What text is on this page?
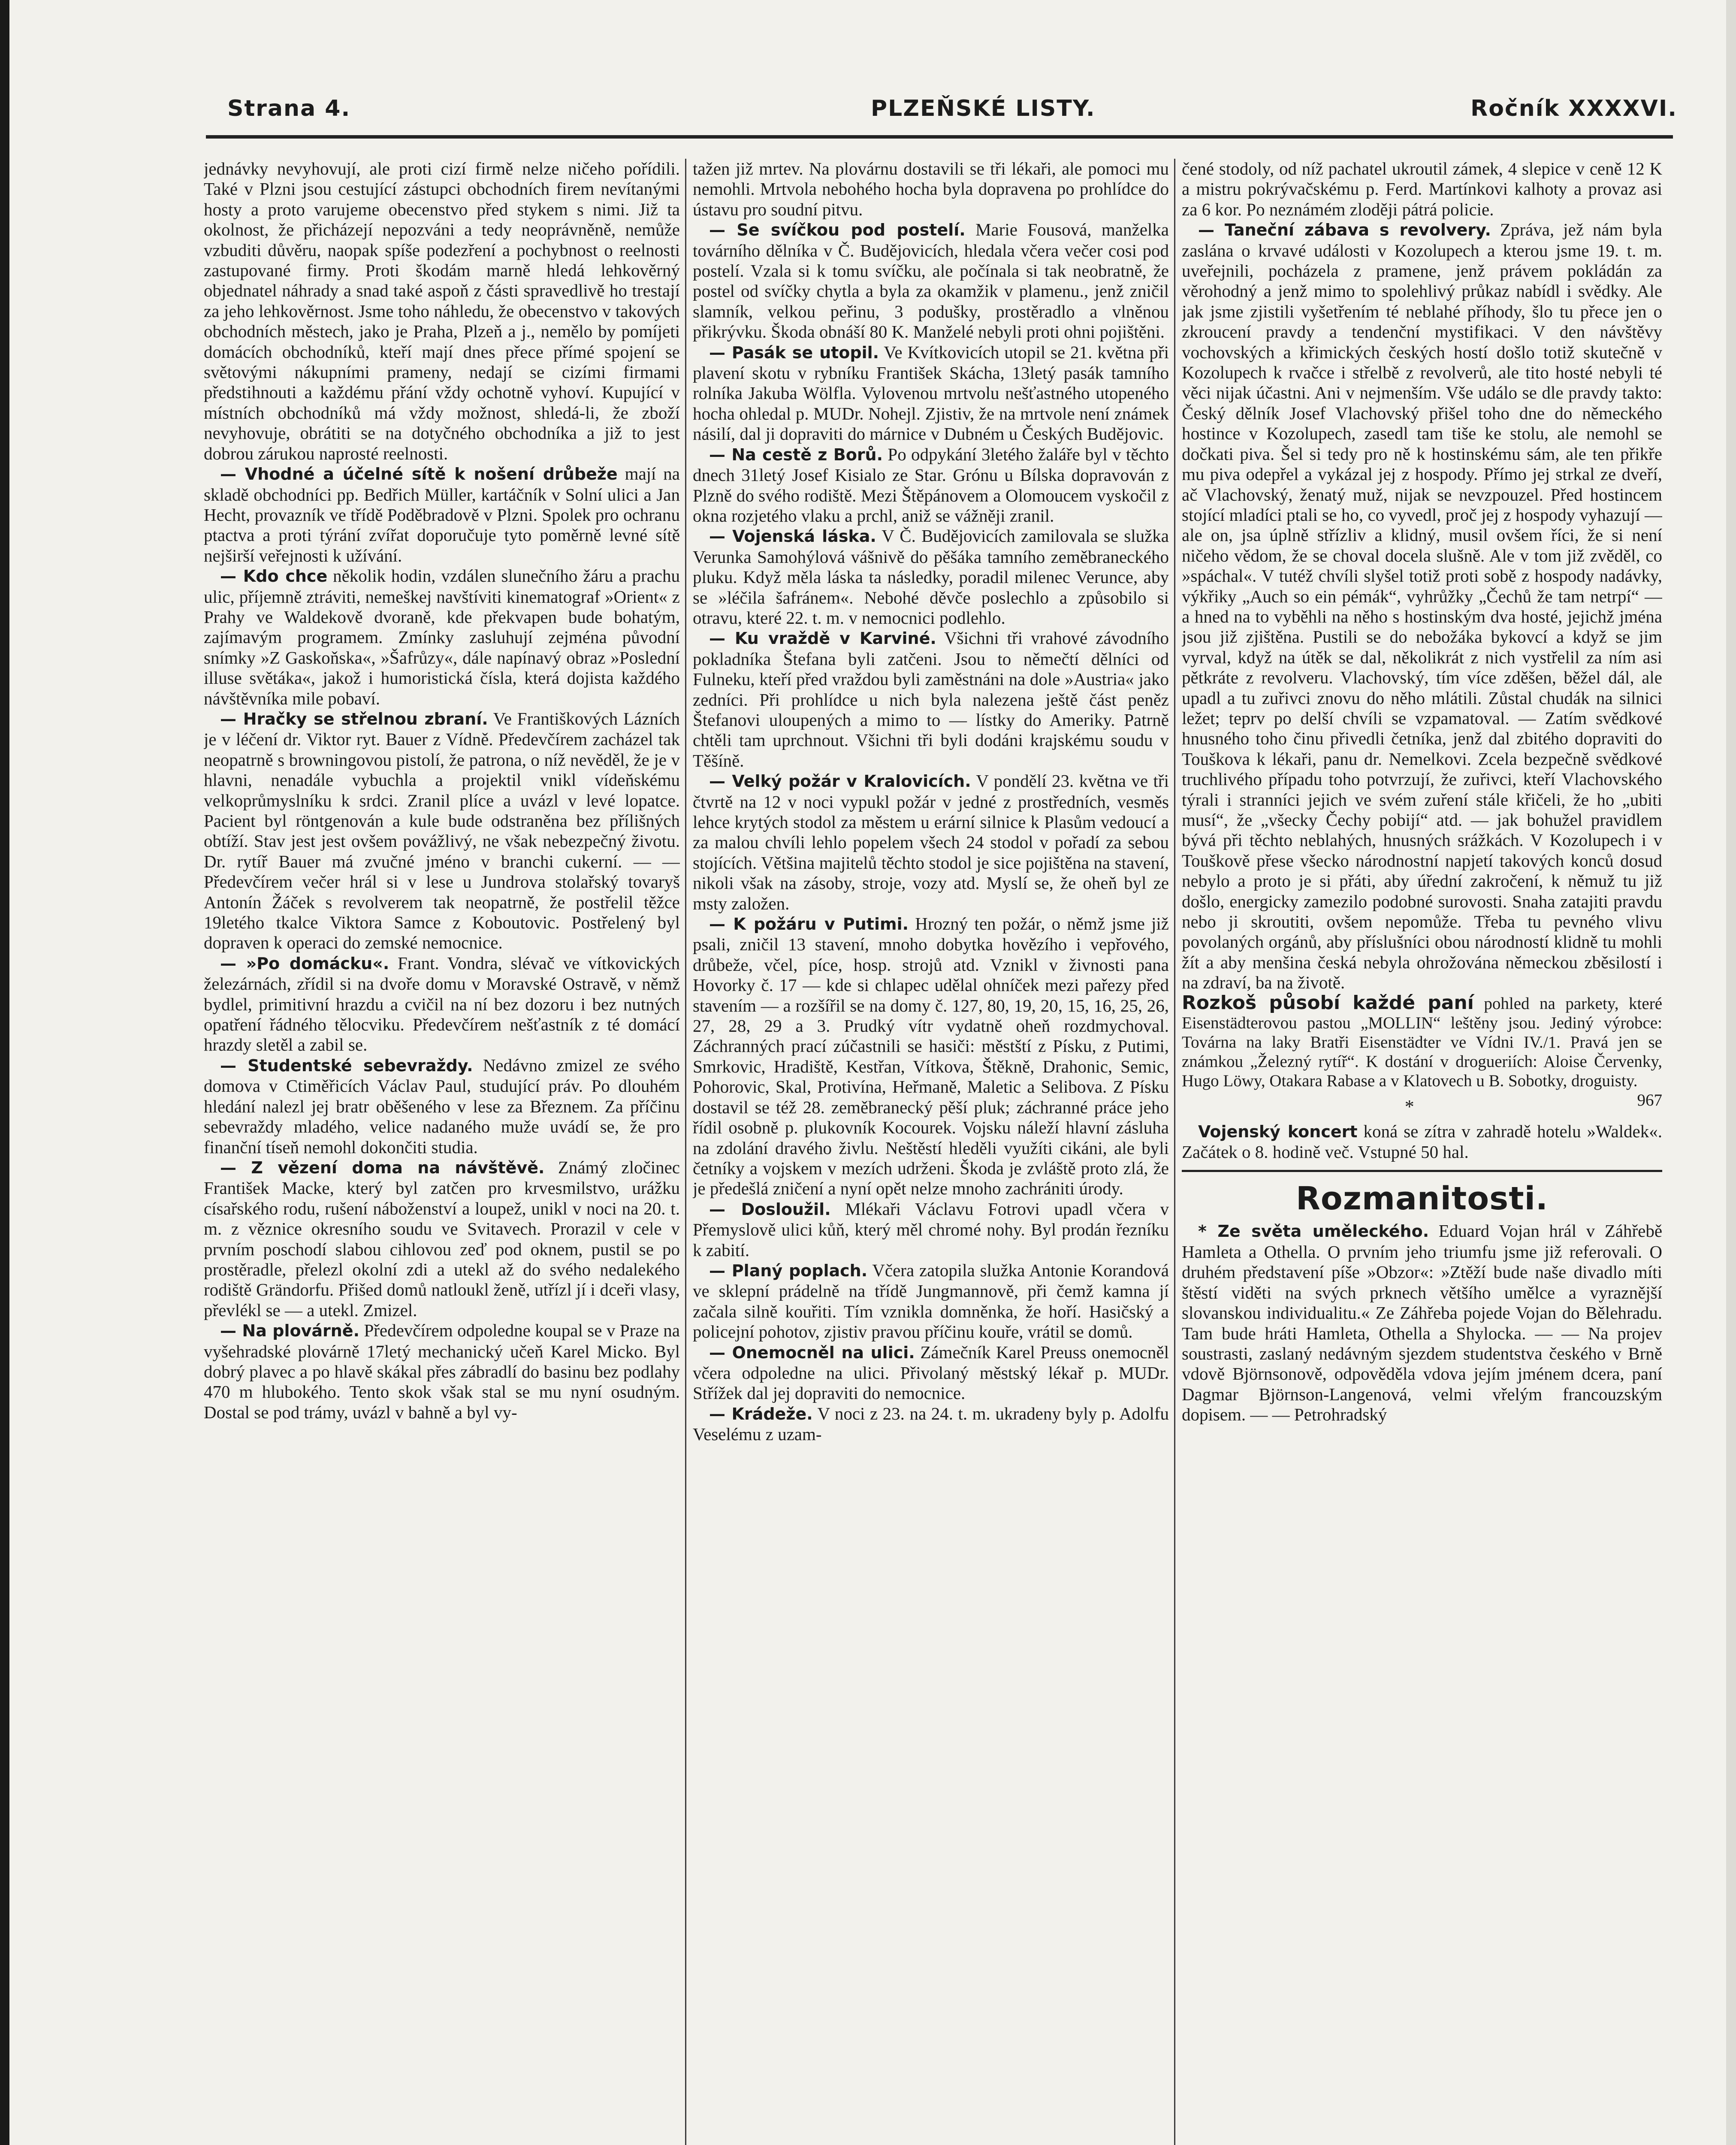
Strana 4.	PLZEŇSKÉ LISTY.	Ročník XXXXVI.

jednávky nevyhovují, ale proti cizí firmě nelze ničeho pořídili. Také v Plzni jsou cestující zástupci obchodních firem nevítanými hosty a proto varujeme obecenstvo před stykem s nimi. Již ta okolnost, že přicházejí nepozváni a tedy neoprávněně, nemůže vzbuditi důvěru, naopak spíše podezření a pochybnost o reelnosti zastupované firmy. Proti škodám marně hledá lehkověrný objednatel náhrady a snad také aspoň z části spravedlivě ho trestají za jeho lehkověrnost. Jsme toho náhledu, že obecenstvo v takových obchodních městech, jako je Praha, Plzeň a j., nemělo by pomíjeti domácích obchodníků, kteří mají dnes přece přímé spojení se světovými nákupními prameny, nedají se cizími firmami předstihnouti a každému přání vždy ochotně vyhoví. Kupující v místních obchodníků má vždy možnost, shledá-li, že zboží nevyhovuje, obrátiti se na dotyčného obchodníka a již to jest dobrou zárukou naprosté reelnosti.

— Vhodné a účelné sítě k nošení drůbeže mají na skladě obchodníci pp. Bedřich Müller, kartáčník v Solní ulici a Jan Hecht, provazník ve třídě Poděbradově v Plzni. Spolek pro ochranu ptactva a proti týrání zvířat doporučuje tyto poměrně levné sítě nejširší veřejnosti k užívání.

— Kdo chce několik hodin, vzdálen slunečního žáru a prachu ulic, příjemně ztráviti, nemeškej navštíviti kinematograf »Orient« z Prahy ve Waldekově dvoraně, kde překvapen bude bohatým, zajímavým programem. Zmínky zasluhují zejména původní snímky »Z Gaskoňska«, »Šafrůzy«, dále napínavý obraz »Poslední illuse světáka«, jakož i humoristická čísla, která dojista každého návštěvníka mile pobaví.

— Hračky se střelnou zbraní. Ve Františkových Lázních je v léčení dr. Viktor ryt. Bauer z Vídně. Předevčírem zacházel tak neopatrně s browningovou pistolí, že patrona, o níž nevěděl, že je v hlavni, nenadále vybuchla a projektil vnikl vídeňskému velkoprůmyslníku k srdci. Zranil plíce a uvázl v levé lopatce. Pacient byl röntgenován a kule bude odstraněna bez přílišných obtíží. Stav jest jest ovšem povážlivý, ne však nebezpečný životu. Dr. rytíř Bauer má zvučné jméno v branchi cukerní. — — Předevčírem večer hrál si v lese u Jundrova stolařský tovaryš Antonín Žáček s revolverem tak neopatrně, že postřelil těžce 19letého tkalce Viktora Samce z Koboutovic. Postřelený byl dopraven k operaci do zemské nemocnice.

— »Po domácku«. Frant. Vondra, slévač ve vítkovických železárnách, zřídil si na dvoře domu v Moravské Ostravě, v němž bydlel, primitivní hrazdu a cvičil na ní bez dozoru i bez nutných opatření řádného tělocviku. Předevčírem nešťastník z té domácí hrazdy sletěl a zabil se.

— Studentské sebevraždy. Nedávno zmizel ze svého domova v Ctiměřicích Václav Paul, studující práv. Po dlouhém hledání nalezl jej bratr oběšeného v lese za Březnem. Za příčinu sebevraždy mladého, velice nadaného muže uvádí se, že pro finanční tíseň nemohl dokončiti studia.

— Z vězení doma na návštěvě. Známý zločinec František Macke, který byl zatčen pro krvesmilstvo, urážku císařského rodu, rušení náboženství a loupež, unikl v noci na 20. t. m. z věznice okresního soudu ve Svitavech. Prorazil v cele v prvním poschodí slabou cihlovou zeď pod oknem, pustil se po prostěradle, přelezl okolní zdi a utekl až do svého nedalekého rodiště Grändorfu. Přišed domů natloukl ženě, utřízl jí i dceři vlasy, převlékl se — a utekl. Zmizel.

— Na plovárně. Předevčírem odpoledne koupal se v Praze na vyšehradské plovárně 17letý mechanický učeň Karel Micko. Byl dobrý plavec a po hlavě skákal přes zábradlí do basinu bez podlahy 470 m hlubokého. Tento skok však stal se mu nyní osudným. Dostal se pod trámy, uvázl v bahně a byl vy-

tažen již mrtev. Na plovárnu dostavili se tři lékaři, ale pomoci mu nemohli. Mrtvola nebohého hocha byla dopravena po prohlídce do ústavu pro soudní pitvu.

— Se svíčkou pod postelí. Marie Fousová, manželka továrního dělníka v Č. Budějovicích, hledala včera večer cosi pod postelí. Vzala si k tomu svíčku, ale počínala si tak neobratně, že postel od svíčky chytla a byla za okamžik v plamenu., jenž zničil slamník, velkou peřinu, 3 podušky, prostěradlo a vlněnou přikrývku. Škoda obnáší 80 K. Manželé nebyli proti ohni pojištěni.

— Pasák se utopil. Ve Kvítkovicích utopil se 21. května při plavení skotu v rybníku František Skácha, 13letý pasák tamního rolníka Jakuba Wölfla. Vylovenou mrtvolu nešťastného utopeného hocha ohledal p. MUDr. Nohejl. Zjistiv, že na mrtvole není známek násilí, dal ji dopraviti do márnice v Dubném u Českých Budějovic.

— Na cestě z Borů. Po odpykání 3letého žaláře byl v těchto dnech 31letý Josef Kisialo ze Star. Grónu u Bílska dopravován z Plzně do svého rodiště. Mezi Štěpánovem a Olomoucem vyskočil z okna rozjetého vlaku a prchl, aniž se vážněji zranil.

— Vojenská láska. V Č. Budějovicích zamilovala se služka Verunka Samohýlová vášnivě do pěšáka tamního zeměbraneckého pluku. Když měla láska ta následky, poradil milenec Verunce, aby se »léčila šafránem«. Nebohé děvče poslechlo a způsobilo si otravu, které 22. t. m. v nemocnici podlehlo.

— Ku vraždě v Karviné. Všichni tři vrahové závodního pokladníka Štefana byli zatčeni. Jsou to němečtí dělníci od Fulneku, kteří před vraždou byli zaměstnáni na dole »Austria« jako zedníci. Při prohlídce u nich byla nalezena ještě část peněz Štefanovi uloupených a mimo to — lístky do Ameriky. Patrně chtěli tam uprchnout. Všichni tři byli dodáni krajskému soudu v Těšíně.

— Velký požár v Kralovicích. V pondělí 23. května ve tři čtvrtě na 12 v noci vypukl požár v jedné z prostředních, vesměs lehce krytých stodol za městem u erární silnice k Plasům vedoucí a za malou chvíli lehlo popelem všech 24 stodol v pořadí za sebou stojících. Většina majitelů těchto stodol je sice pojištěna na stavení, nikoli však na zásoby, stroje, vozy atd. Myslí se, že oheň byl ze msty založen.

— K požáru v Putimi. Hrozný ten požár, o němž jsme již psali, zničil 13 stavení, mnoho dobytka hovězího i vepřového, drůbeže, včel, píce, hosp. strojů atd. Vznikl v živnosti pana Hovorky č. 17 — kde si chlapec udělal ohníček mezi pařezy před stavením — a rozšířil se na domy č. 127, 80, 19, 20, 15, 16, 25, 26, 27, 28, 29 a 3. Prudký vítr vydatně oheň rozdmychoval. Záchranných prací zúčastnili se hasiči: městští z Písku, z Putimi, Smrkovic, Hradiště, Kestřan, Vítkova, Štěkně, Drahonic, Semic, Pohorovic, Skal, Protivína, Heřmaně, Maletic a Selibova. Z Písku dostavil se též 28. zeměbranecký pěší pluk; záchranné práce jeho řídil osobně p. plukovník Kocourek. Vojsku náleží hlavní zásluha na zdolání dravého živlu. Neštěstí hleděli využíti cikáni, ale byli četníky a vojskem v mezích udrženi. Škoda je zvláště proto zlá, že je předešlá zničení a nyní opět nelze mnoho zachrániti úrody.

— Dosloužil. Mlékaři Václavu Fotrovi upadl včera v Přemyslově ulici kůň, který měl chromé nohy. Byl prodán řezníku k zabití.

— Planý poplach. Včera zatopila služka Antonie Korandová ve sklepní prádelně na třídě Jungmannově, při čemž kamna jí začala silně kouřiti. Tím vznikla domněnka, že hoří. Hasičský a policejní pohotov, zjistiv pravou příčinu kouře, vrátil se domů.

— Onemocněl na ulici. Zámečník Karel Preuss onemocněl včera odpoledne na ulici. Přivolaný městský lékař p. MUDr. Střížek dal jej dopraviti do nemocnice.

— Krádeže. V noci z 23. na 24. t. m. ukradeny byly p. Adolfu Veselému z uzam-

čené stodoly, od níž pachatel ukroutil zámek, 4 slepice v ceně 12 K a mistru pokrývačskému p. Ferd. Martínkovi kalhoty a provaz asi za 6 kor. Po neznámém zloději pátrá policie.

— Taneční zábava s revolvery. Zpráva, jež nám byla zaslána o krvavé události v Kozolupech a kterou jsme 19. t. m. uveřejnili, pocházela z pramene, jenž právem pokládán za věrohodný a jenž mimo to spolehlivý průkaz nabídl i svědky. Ale jak jsme zjistili vyšetřením té neblahé příhody, šlo tu přece jen o zkroucení pravdy a tendenční mystifikaci. V den návštěvy vochovských a křimických českých hostí došlo totiž skutečně v Kozolupech k rvačce i střelbě z revolverů, ale tito hosté nebyli té věci nijak účastni. Ani v nejmenším. Vše událo se dle pravdy takto: Český dělník Josef Vlachovský přišel toho dne do německého hostince v Kozolupech, zasedl tam tiše ke stolu, ale nemohl se dočkati piva. Šel si tedy pro ně k hostinskému sám, ale ten přikře mu piva odepřel a vykázal jej z hospody. Přímo jej strkal ze dveří, ač Vlachovský, ženatý muž, nijak se nevzpouzel. Před hostincem stojící mladíci ptali se ho, co vyvedl, proč jej z hospody vyhazují — ale on, jsa úplně střízliv a klidný, musil ovšem říci, že si není ničeho vědom, že se choval docela slušně. Ale v tom již zvěděl, co »spáchal«. V tutéž chvíli slyšel totiž proti sobě z hospody nadávky, výkřiky „Auch so ein pémák“, vyhrůžky „Čechů že tam netrpí“ — a hned na to vyběhli na něho s hostinským dva hosté, jejichž jména jsou již zjištěna. Pustili se do nebožáka bykovcí a když se jim vyrval, když na útěk se dal, několikrát z nich vystřelil za ním asi pětkráte z revolveru. Vlachovský, tím více zděšen, běžel dál, ale upadl a tu zuřivci znovu do něho mlátili. Zůstal chudák na silnici ležet; teprv po delší chvíli se vzpamatoval. — Zatím svědkové hnusného toho činu přivedli četníka, jenž dal zbitého dopraviti do Touškova k lékaři, panu dr. Nemelkovi. Zcela bezpečně svědkové truchlivého případu toho potvrzují, že zuřivci, kteří Vlachovského týrali i stranníci jejich ve svém zuření stále křičeli, že ho „ubiti musí“, že „všecky Čechy pobijí“ atd. — jak bohužel pravidlem bývá při těchto neblahých, hnusných srážkách. V Kozolupech i v Touškově přese všecko národnostní napjetí takových konců dosud nebylo a proto je si přáti, aby úřední zakročení, k němuž tu již došlo, energicky zamezilo podobné surovosti. Snaha zatajiti pravdu nebo ji skroutiti, ovšem nepomůže. Třeba tu pevného vlivu povolaných orgánů, aby příslušníci obou národností klidně tu mohli žít a aby menšina česká nebyla ohrožována německou zběsilostí i na zdraví, ba na životě.

Rozkoš působí každé paní pohled na parkety, které Eisenstädterovou pastou „MOLLIN“ leštěny jsou. Jediný výrobce: Továrna na laky Bratři Eisenstädter ve Vídni IV./1. Pravá jen se známkou „Železný rytíř“. K dostání v drogueriích: Aloise Červenky, Hugo Löwy, Otakara Rabase a v Klatovech u B. Sobotky, droguisty.
967

*

Vojenský koncert koná se zítra v zahradě hotelu »Waldek«. Začátek o 8. hodině več. Vstupné 50 hal.

Rozmanitosti.

* Ze světa uměleckého. Eduard Vojan hrál v Záhřebě Hamleta a Othella. O prvním jeho triumfu jsme již referovali. O druhém představení píše »Obzor«: »Ztěží bude naše divadlo míti štěstí viděti na svých prknech většího umělce a vyraznější slovanskou individualitu.« Ze Záhřeba pojede Vojan do Bělehradu. Tam bude hráti Hamleta, Othella a Shylocka. — — Na projev soustrasti, zaslaný nedávným sjezdem studentstva českého v Brně vdově Björnsonově, odpověděla vdova jejím jménem dcera, paní Dagmar Björnson-Langenová, velmi vřelým francouzským dopisem. — — Petrohradský
